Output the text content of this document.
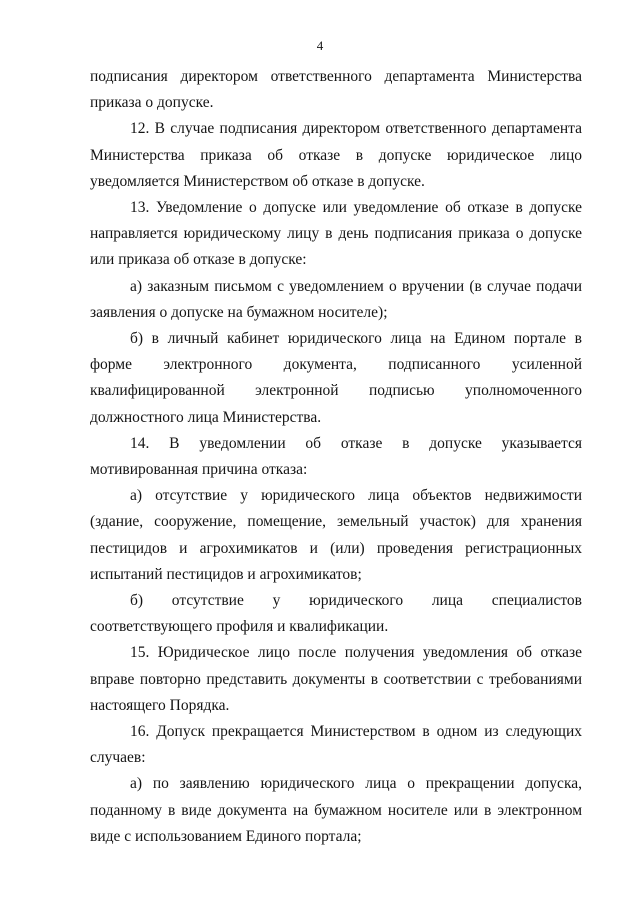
4

подписания директором ответственного департамента Министерства приказа о допуске.

12. В случае подписания директором ответственного департамента Министерства приказа об отказе в допуске юридическое лицо уведомляется Министерством об отказе в допуске.

13. Уведомление о допуске или уведомление об отказе в допуске направляется юридическому лицу в день подписания приказа о допуске или приказа об отказе в допуске:

а) заказным письмом с уведомлением о вручении (в случае подачи заявления о допуске на бумажном носителе);

б) в личный кабинет юридического лица на Едином портале в форме электронного документа, подписанного усиленной квалифицированной электронной подписью уполномоченного должностного лица Министерства.

14. В уведомлении об отказе в допуске указывается мотивированная причина отказа:

а) отсутствие у юридического лица объектов недвижимости (здание, сооружение, помещение, земельный участок) для хранения пестицидов и агрохимикатов и (или) проведения регистрационных испытаний пестицидов и агрохимикатов;

б) отсутствие у юридического лица специалистов соответствующего профиля и квалификации.

15. Юридическое лицо после получения уведомления об отказе вправе повторно представить документы в соответствии с требованиями настоящего Порядка.

16. Допуск прекращается Министерством в одном из следующих случаев:

а) по заявлению юридического лица о прекращении допуска, поданному в виде документа на бумажном носителе или в электронном виде с использованием Единого портала;
